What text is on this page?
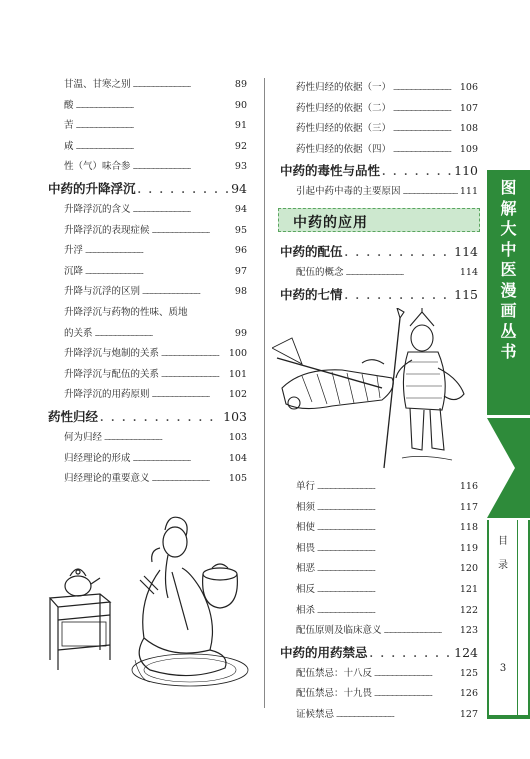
甘温、甘寒之别 . . .	89
酸 . . .	90
苦 . . .	91
咸 . . .	92
性（气）味合参 . . .	93
中药的升降浮沉 . . .	94
升降浮沉的含义 . . .	94
升降浮沉的表现症候 . . .	95
升浮 . . .	96
沉降 . . .	97
升降与沉浮的区别 . . .	98
升降浮沉与药物的性味、质地
的关系 . . .	99
升降浮沉与炮制的关系 . . .	100
升降浮沉与配伍的关系 . . .	101
升降浮沉的用药原则 . . .	102
药性归经 . . .	103
何为归经 . . .	103
归经理论的形成 . . .	104
归经理论的重要意义 . . .	105
药性归经的依据（一） . . .	106
药性归经的依据（二） . . .	107
药性归经的依据（三） . . .	108
药性归经的依据（四） . . .	109
中药的毒性与品性 . . .	110
引起中药中毒的主要原因 . . .	111
中药的应用
中药的配伍 . . .	114
配伍的概念 . . .	114
中药的七情 . . .	115
单行 . . .	116
相须 . . .	117
相使 . . .	118
相畏 . . .	119
相恶 . . .	120
相反 . . .	121
相杀 . . .	122
配伍原则及临床意义 . . .	123
中药的用药禁忌 . . .	124
配伍禁忌：十八反 . . .	125
配伍禁忌：十九畏 . . .	126
证候禁忌 . . .	127
图
解
大
中
医
漫
画
丛
书
目
录
3
